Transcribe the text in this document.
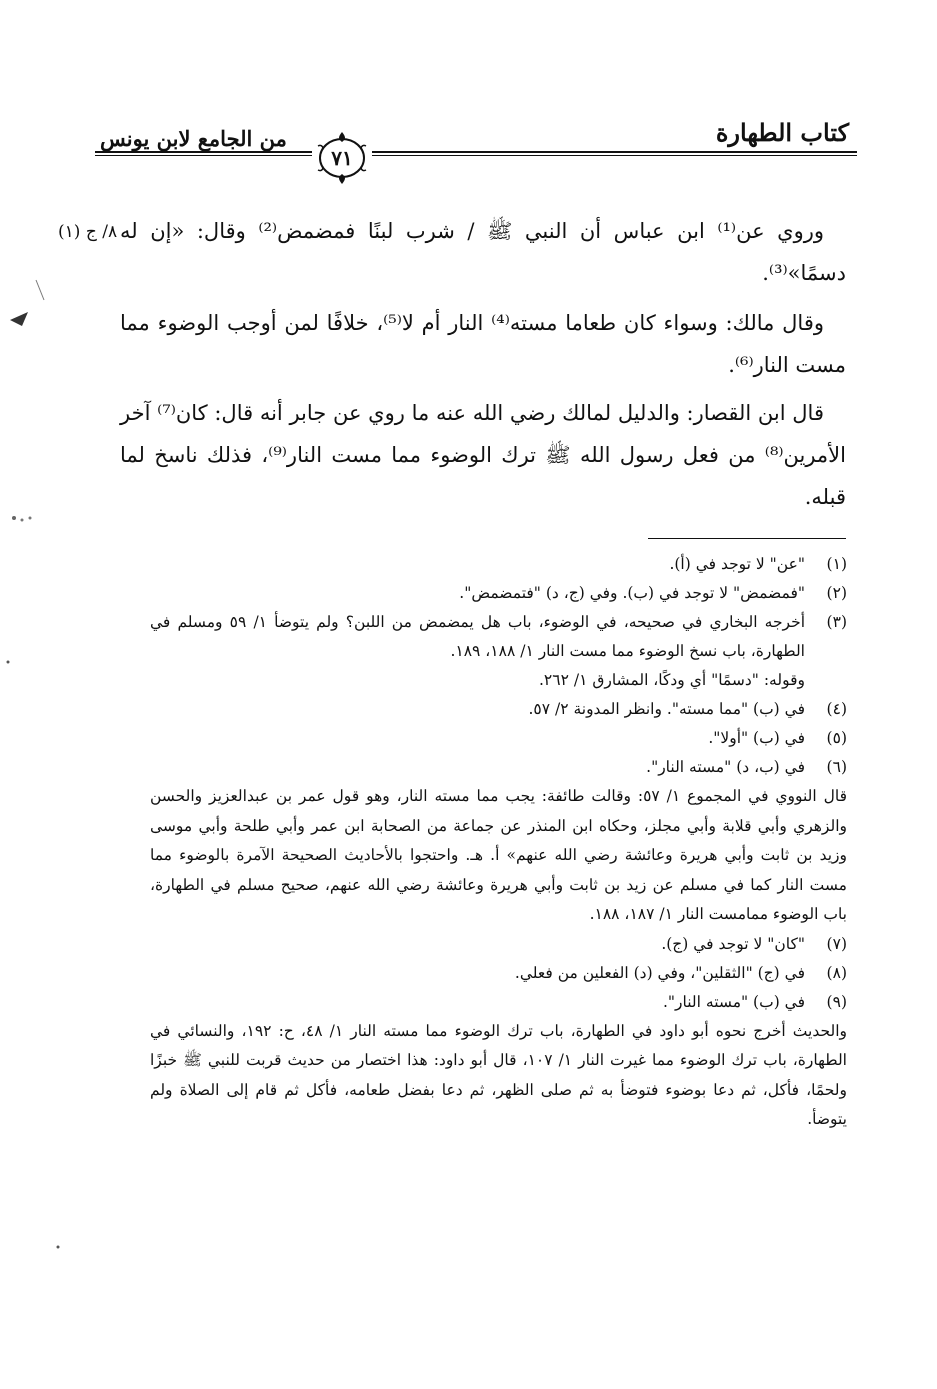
كتاب الطهارة
من الجامع لابن يونس
٧١
٨/ ج (١) وروي عن⁽¹⁾ ابن عباس أن النبي ﷺ / شرب لبنًا فمضمض⁽²⁾ وقال: «إن له دسمًا»⁽³⁾.

وقال مالك: وسواء كان طعاما مسته⁽⁴⁾ النار أم لا⁽⁵⁾، خلافًا لمن أوجب الوضوء مما مست النار⁽⁶⁾.

قال ابن القصار: والدليل لمالك رضي الله عنه ما روي عن جابر أنه قال: كان⁽⁷⁾ آخر الأمرين⁽⁸⁾ من فعل رسول الله ﷺ ترك الوضوء مما مست النار⁽⁹⁾، فذلك ناسخ لما قبله.

(١)
"عن" لا توجد في (أ).
(٢)
"فمضمض" لا توجد في (ب). وفي (ج، د) "فتمضمض".
(٣)
أخرجه البخاري في صحيحه، في الوضوء، باب هل يمضمض من اللبن؟ ولم يتوضأ ١/ ٥٩ ومسلم في الطهارة، باب نسخ الوضوء مما مست النار ١/ ١٨٨، ١٨٩.
وقوله: "دسمًا" أي ودكًا، المشارق ١/ ٢٦٢.
(٤)
في (ب) "مما مسته". وانظر المدونة ٢/ ٥٧.
(٥)
في (ب) "أولا".
(٦)
في (ب، د) "مسته النار".
قال النووي في المجموع ١/ ٥٧: وقالت طائفة: يجب مما مسته النار، وهو قول عمر بن عبدالعزيز والحسن والزهري وأبي قلابة وأبي مجلز، وحكاه ابن المنذر عن جماعة من الصحابة ابن عمر وأبي طلحة وأبي موسى وزيد بن ثابت وأبي هريرة وعائشة رضي الله عنهم» أ. هـ. واحتجوا بالأحاديث الصحيحة الآمرة بالوضوء مما مست النار كما في مسلم عن زيد بن ثابت وأبي هريرة وعائشة رضي الله عنهم، صحيح مسلم في الطهارة، باب الوضوء ممامست النار ١/ ١٨٧، ١٨٨.
(٧)
"كان" لا توجد في (ج).
(٨)
في (ج) "الثقلين"، وفي (د) الفعلين من فعلي.
(٩)
في (ب) "مسته النار".
والحديث أخرج نحوه أبو داود في الطهارة، باب ترك الوضوء مما مسته النار ١/ ٤٨، ح: ١٩٢، والنسائي في الطهارة، باب ترك الوضوء مما غيرت النار ١/ ١٠٧، قال أبو داود: هذا اختصار من حديث قربت للنبي ﷺ خبزًا ولحمًا، فأكل، ثم دعا بوضوء فتوضأ به ثم صلى الظهر، ثم دعا بفضل طعامه، فأكل ثم قام إلى الصلاة ولم يتوضأ.
